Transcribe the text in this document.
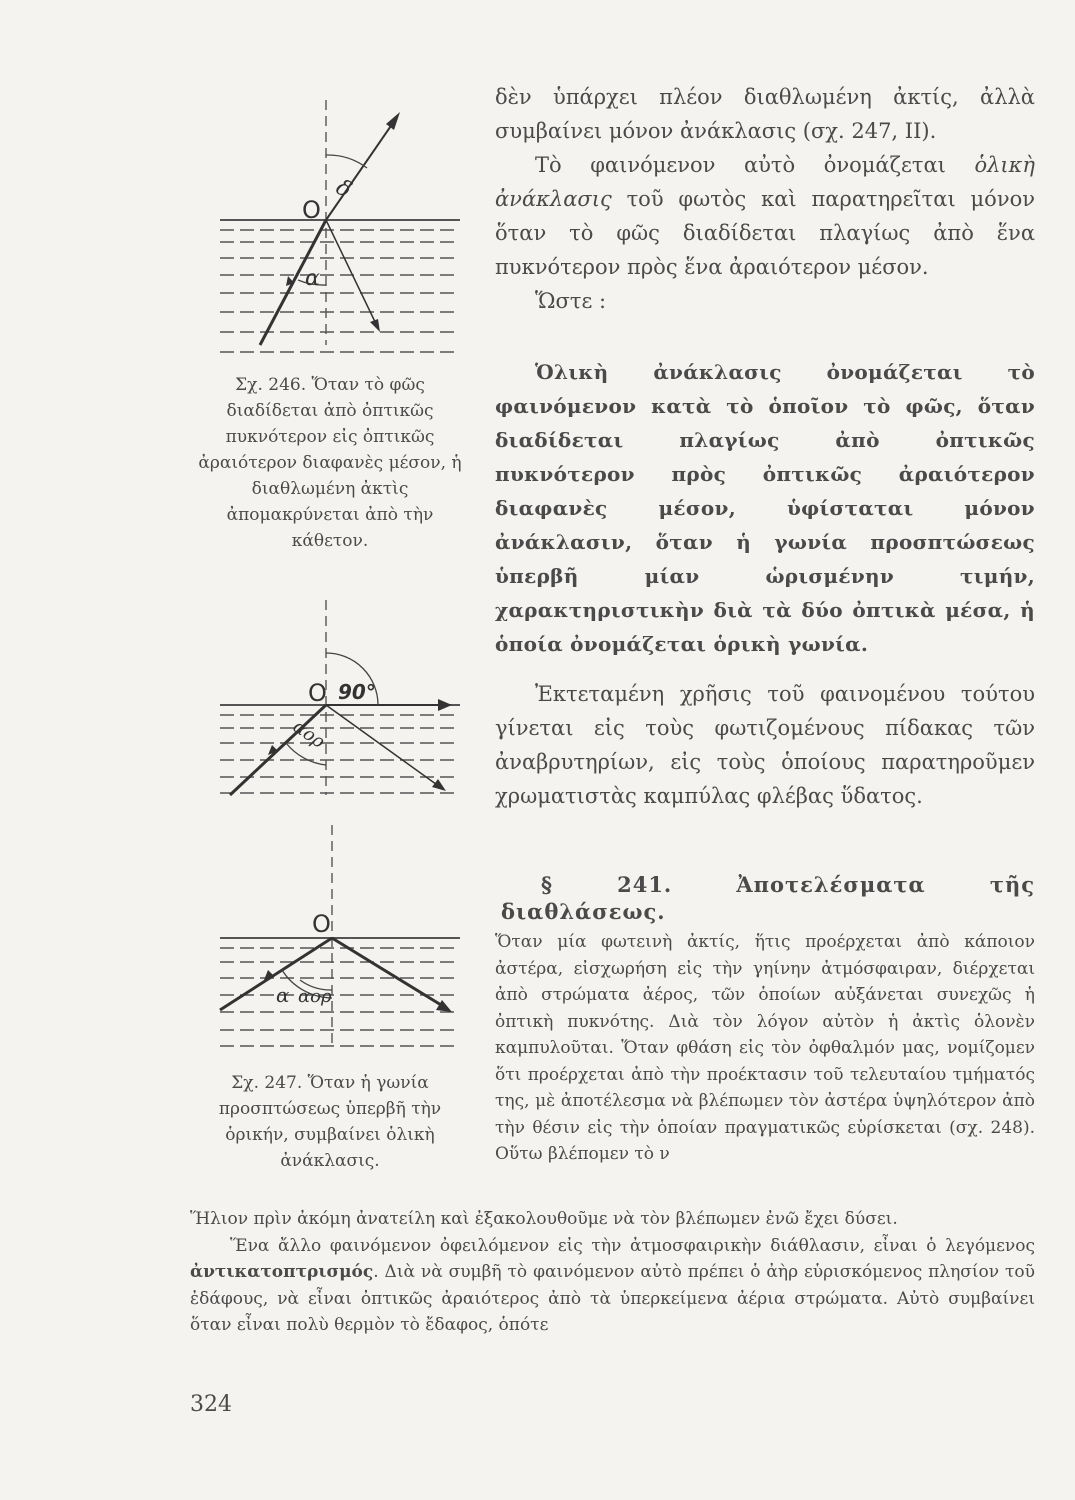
O
δ
α
Σχ. 246. Ὅταν τὸ φῶς διαδίδεται ἀπὸ ὀπτικῶς πυκνότερον εἰς ὀπτικῶς ἀραιότερον διαφανὲς μέσον, ἡ διαθλωμένη ἀκτὶς ἀπομακρύνεται ἀπὸ τὴν κάθετον.
O 90°
αορ
O
α αορ
Σχ. 247. Ὅταν ἡ γωνία προσπτώσεως ὑπερβῆ τὴν ὁρικήν, συμβαίνει ὁλικὴ ἀνάκλασις.

δὲν ὑπάρχει πλέον διαθλωμένη ἀκτίς, ἀλλὰ συμβαίνει μόνον ἀνάκλασις (σχ. 247, ΙΙ).

Τὸ φαινόμενον αὐτὸ ὀνομάζεται ὁλικὴ ἀνάκλασις τοῦ φωτὸς καὶ παρατηρεῖται μόνον ὅταν τὸ φῶς διαδίδεται πλαγίως ἀπὸ ἕνα πυκνότερον πρὸς ἕνα ἀραιότερον μέσον.

Ὥστε :

Ὁλικὴ ἀνάκλασις ὀνομάζεται τὸ φαινόμενον κατὰ τὸ ὁποῖον τὸ φῶς, ὅταν διαδίδεται πλαγίως ἀπὸ ὀπτικῶς πυκνότερον πρὸς ὀπτικῶς ἀραιότερον διαφανὲς μέσον, ὑφίσταται μόνον ἀνάκλασιν, ὅταν ἡ γωνία προσπτώσεως ὑπερβῆ μίαν ὡρισμένην τιμήν, χαρακτηριστικὴν διὰ τὰ δύο ὀπτικὰ μέσα, ἡ ὁποία ὀνομάζεται ὁρικὴ γωνία.

Ἐκτεταμένη χρῆσις τοῦ φαινομένου τούτου γίνεται εἰς τοὺς φωτιζομένους πίδακας τῶν ἀναβρυτηρίων, εἰς τοὺς ὁποίους παρατηροῦμεν χρωματιστὰς καμπύλας φλέβας ὕδατος.

§ 241. Ἀποτελέσματα τῆς διαθλάσεως.

Ὅταν μία φωτεινὴ ἀκτίς, ἥτις προέρχεται ἀπὸ κάποιον ἀστέρα, εἰσχωρήση εἰς τὴν γηίνην ἀτμόσφαιραν, διέρχεται ἀπὸ στρώματα ἀέρος, τῶν ὁποίων αὐξάνεται συνεχῶς ἡ ὀπτικὴ πυκνότης. Διὰ τὸν λόγον αὐτὸν ἡ ἀκτὶς ὁλονὲν καμπυλοῦται. Ὅταν φθάση εἰς τὸν ὀφθαλμόν μας, νομίζομεν ὅτι προέρχεται ἀπὸ τὴν προέκτασιν τοῦ τελευταίου τμήματός της, μὲ ἀποτέλεσμα νὰ βλέπωμεν τὸν ἀστέρα ὑψηλότερον ἀπὸ τὴν θέσιν εἰς τὴν ὁποίαν πραγματικῶς εὑρίσκεται (σχ. 248). Οὕτω βλέπομεν τὸ ν

Ἥλιον πρὶν ἀκόμη ἀνατείλη καὶ ἐξακολουθοῦμε νὰ τὸν βλέπωμεν ἐνῶ ἔχει δύσει.

Ἕνα ἄλλο φαινόμενον ὀφειλόμενον εἰς τὴν ἀτμοσφαιρικὴν διάθλασιν, εἶναι ὁ λεγόμενος ἀντικατοπτρισμός. Διὰ νὰ συμβῆ τὸ φαινόμενον αὐτὸ πρέπει ὁ ἀὴρ εὑρισκόμενος πλησίον τοῦ ἐδάφους, νὰ εἶναι ὀπτικῶς ἀραιότερος ἀπὸ τὰ ὑπερκείμενα ἀέρια στρώματα. Αὐτὸ συμβαίνει ὅταν εἶναι πολὺ θερμὸν τὸ ἔδαφος, ὁπότε

324
